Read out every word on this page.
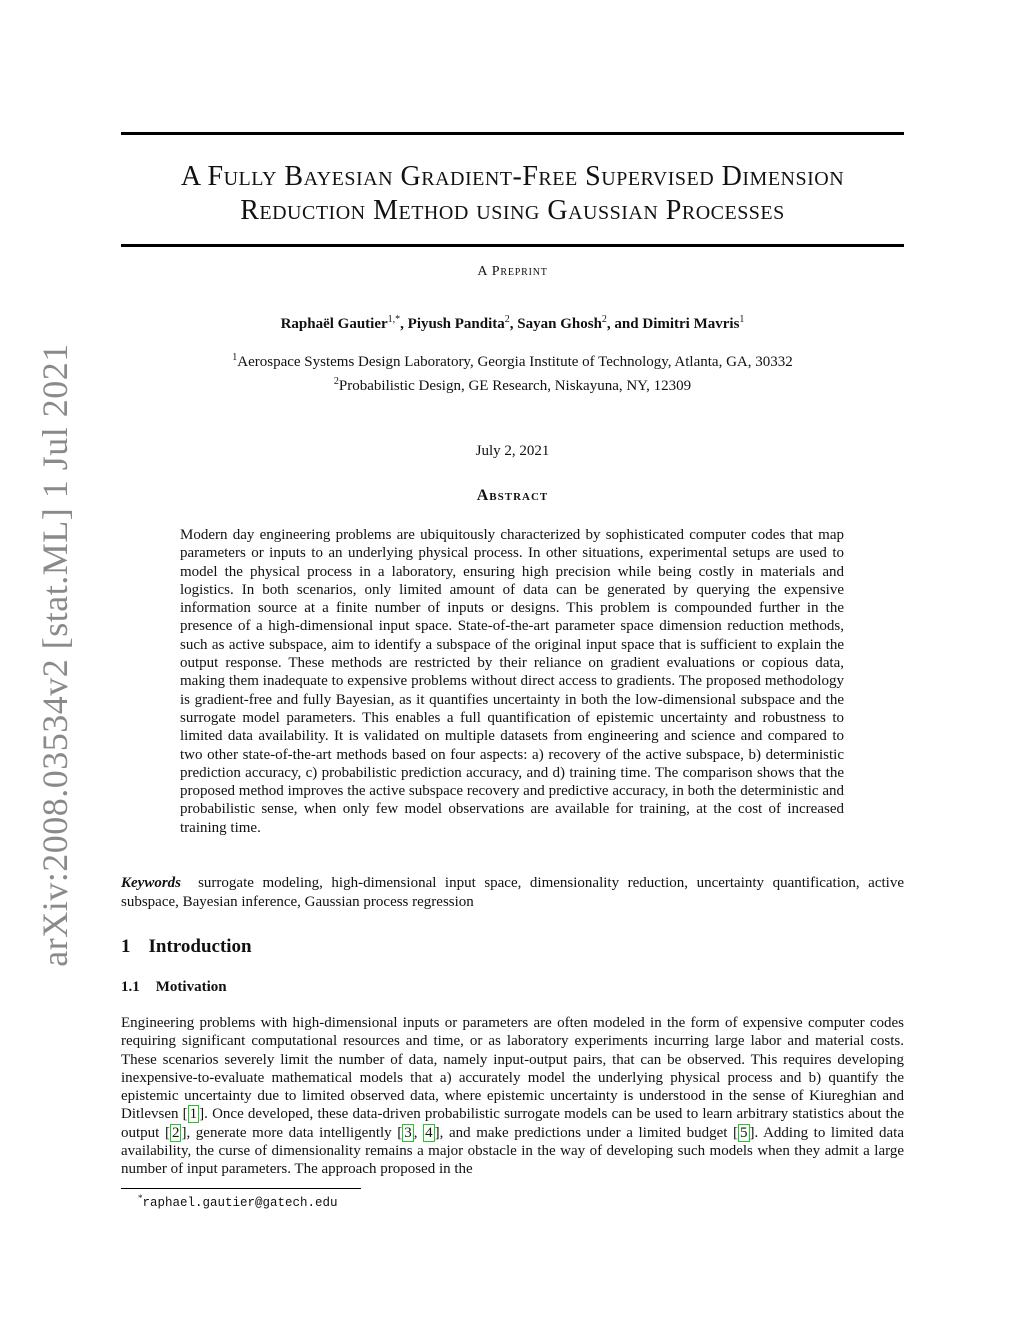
arXiv:2008.03534v2 [stat.ML] 1 Jul 2021
A Fully Bayesian Gradient-Free Supervised Dimension
Reduction Method using Gaussian Processes
A Preprint
Raphaël Gautier$^{1,*}$, Piyush Pandita$^2$, Sayan Ghosh$^2$, and Dimitri Mavris$^1$
$^1$Aerospace Systems Design Laboratory, Georgia Institute of Technology, Atlanta, GA, 30332
$^2$Probabilistic Design, GE Research, Niskayuna, NY, 12309
July 2, 2021
Abstract
Modern day engineering problems are ubiquitously characterized by sophisticated computer codes that map parameters or inputs to an underlying physical process. In other situations, experimental setups are used to model the physical process in a laboratory, ensuring high precision while being costly in materials and logistics. In both scenarios, only limited amount of data can be generated by querying the expensive information source at a finite number of inputs or designs. This problem is compounded further in the presence of a high-dimensional input space. State-of-the-art parameter space dimension reduction methods, such as active subspace, aim to identify a subspace of the original input space that is sufficient to explain the output response. These methods are restricted by their reliance on gradient evaluations or copious data, making them inadequate to expensive problems without direct access to gradients. The proposed methodology is gradient-free and fully Bayesian, as it quantifies uncertainty in both the low-dimensional subspace and the surrogate model parameters. This enables a full quantification of epistemic uncertainty and robustness to limited data availability. It is validated on multiple datasets from engineering and science and compared to two other state-of-the-art methods based on four aspects: a) recovery of the active subspace, b) deterministic prediction accuracy, c) probabilistic prediction accuracy, and d) training time. The comparison shows that the proposed method improves the active subspace recovery and predictive accuracy, in both the deterministic and probabilistic sense, when only few model observations are available for training, at the cost of increased training time.
Keywords surrogate modeling, high-dimensional input space, dimensionality reduction, uncertainty quantification, active subspace, Bayesian inference, Gaussian process regression
1 Introduction
1.1 Motivation
Engineering problems with high-dimensional inputs or parameters are often modeled in the form of expensive computer codes requiring significant computational resources and time, or as laboratory experiments incurring large labor and material costs. These scenarios severely limit the number of data, namely input-output pairs, that can be observed. This requires developing inexpensive-to-evaluate mathematical models that a) accurately model the underlying physical process and b) quantify the epistemic uncertainty due to limited observed data, where epistemic uncertainty is understood in the sense of Kiureghian and Ditlevsen [ 1 ]. Once developed, these data-driven probabilistic surrogate models can be used to learn arbitrary statistics about the output [ 2 ], generate more data intelligently [ 3 , 4 ], and make predictions under a limited budget [ 5 ]. Adding to limited data availability, the curse of dimensionality remains a major obstacle in the way of developing such models when they admit a large number of input parameters. The approach proposed in the
*raphael.gautier@gatech.edu
